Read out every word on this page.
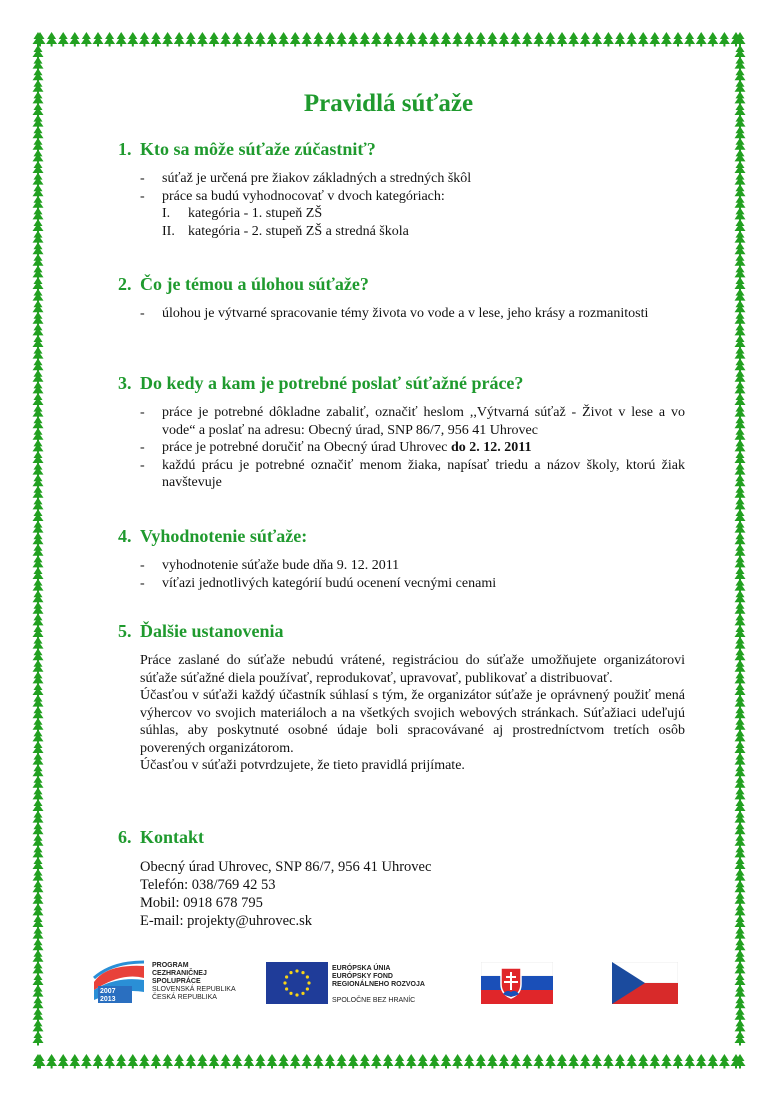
Pravidlá súťaže
1. Kto sa môže súťaže zúčastniť?
- súťaž je určená pre žiakov základných a stredných škôl
- práce sa budú vyhodnocovať v dvoch kategóriach:
I.	kategória - 1. stupeň ZŠ
II. kategória - 2. stupeň ZŠ a stredná škola
2. Čo je témou a úlohou súťaže?
- úlohou je výtvarné spracovanie témy života vo vode a v lese, jeho krásy a rozmanitosti
3. Do kedy a kam je potrebné poslať súťažné práce?
- práce je potrebné dôkladne zabaliť, označiť heslom ,,Výtvarná súťaž - Život v lese a vo vode“ a poslať na adresu: Obecný úrad, SNP 86/7, 956 41 Uhrovec
- práce je potrebné doručiť na Obecný úrad Uhrovec do 2. 12. 2011
- každú prácu je potrebné označiť menom žiaka, napísať triedu a názov školy, ktorú žiak navštevuje
4. Vyhodnotenie súťaže:
- vyhodnotenie súťaže bude dňa 9. 12. 2011
- víťazi jednotlivých kategórií budú ocenení vecnými cenami
5. Ďalšie ustanovenia

Práce zaslané do súťaže nebudú vrátené, registráciou do súťaže umožňujete organizátorovi súťaže súťažné diela používať, reprodukovať, upravovať, publikovať a distribuovať.

Účasťou v súťaži každý účastník súhlasí s tým, že organizátor súťaže je oprávnený použiť mená výhercov vo svojich materiáloch a na všetkých svojich webových stránkach. Súťažiaci udeľujú súhlas, aby poskytnuté osobné údaje boli spracovávané aj prostredníctvom tretích osôb poverených organizátorom.

Účasťou v súťaži potvrdzujete, že tieto pravidlá prijímate.

6. Kontakt
Obecný úrad Uhrovec, SNP 86/7, 956 41 Uhrovec
Telefón: 038/769 42 53
Mobil: 0918 678 795
E-mail: projekty@uhrovec.sk
2007
2013
PROGRAM
CEZHRANIČNEJ
SPOLUPRÁCE
SLOVENSKÁ REPUBLIKA
ČESKÁ REPUBLIKA
EURÓPSKA ÚNIA
EURÓPSKY FOND
REGIONÁLNEHO ROZVOJA
SPOLOČNE BEZ HRANÍC
